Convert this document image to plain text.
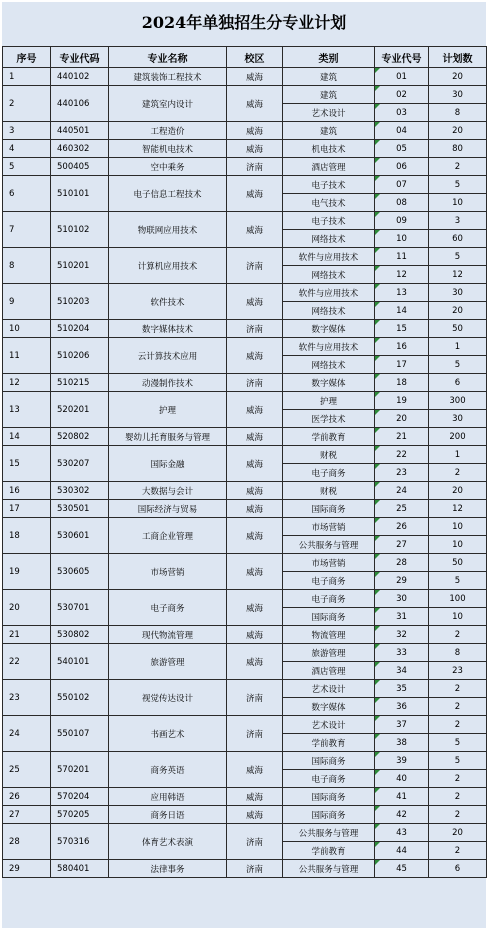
2024年单独招生分专业计划
序号	专业代码	专业名称	校区	类别	专业代号	计划数
1	440102	建筑装饰工程技术	威海	建筑	01	20
2	440106	建筑室内设计	威海	建筑	02	30
				艺术设计	03	8
3	440501	工程造价	威海	建筑	04	20
4	460302	智能机电技术	威海	机电技术	05	80
5	500405	空中乘务	济南	酒店管理	06	2
6	510101	电子信息工程技术	威海	电子技术	07	5
				电气技术	08	10
7	510102	物联网应用技术	威海	电子技术	09	3
				网络技术	10	60
8	510201	计算机应用技术	济南	软件与应用技术	11	5
				网络技术	12	12
9	510203	软件技术	威海	软件与应用技术	13	30
				网络技术	14	20
10	510204	数字媒体技术	济南	数字媒体	15	50
11	510206	云计算技术应用	威海	软件与应用技术	16	1
				网络技术	17	5
12	510215	动漫制作技术	济南	数字媒体	18	6
13	520201	护理	威海	护理	19	300
				医学技术	20	30
14	520802	婴幼儿托育服务与管理	威海	学前教育	21	200
15	530207	国际金融	威海	财税	22	1
				电子商务	23	2
16	530302	大数据与会计	威海	财税	24	20
17	530501	国际经济与贸易	威海	国际商务	25	12
18	530601	工商企业管理	威海	市场营销	26	10
				公共服务与管理	27	10
19	530605	市场营销	威海	市场营销	28	50
				电子商务	29	5
20	530701	电子商务	威海	电子商务	30	100
				国际商务	31	10
21	530802	现代物流管理	威海	物流管理	32	2
22	540101	旅游管理	威海	旅游管理	33	8
				酒店管理	34	23
23	550102	视觉传达设计	济南	艺术设计	35	2
				数字媒体	36	2
24	550107	书画艺术	济南	艺术设计	37	2
				学前教育	38	5
25	570201	商务英语	威海	国际商务	39	5
				电子商务	40	2
26	570204	应用韩语	威海	国际商务	41	2
27	570205	商务日语	威海	国际商务	42	2
28	570316	体育艺术表演	济南	公共服务与管理	43	20
				学前教育	44	2
29	580401	法律事务	济南	公共服务与管理	45	6
